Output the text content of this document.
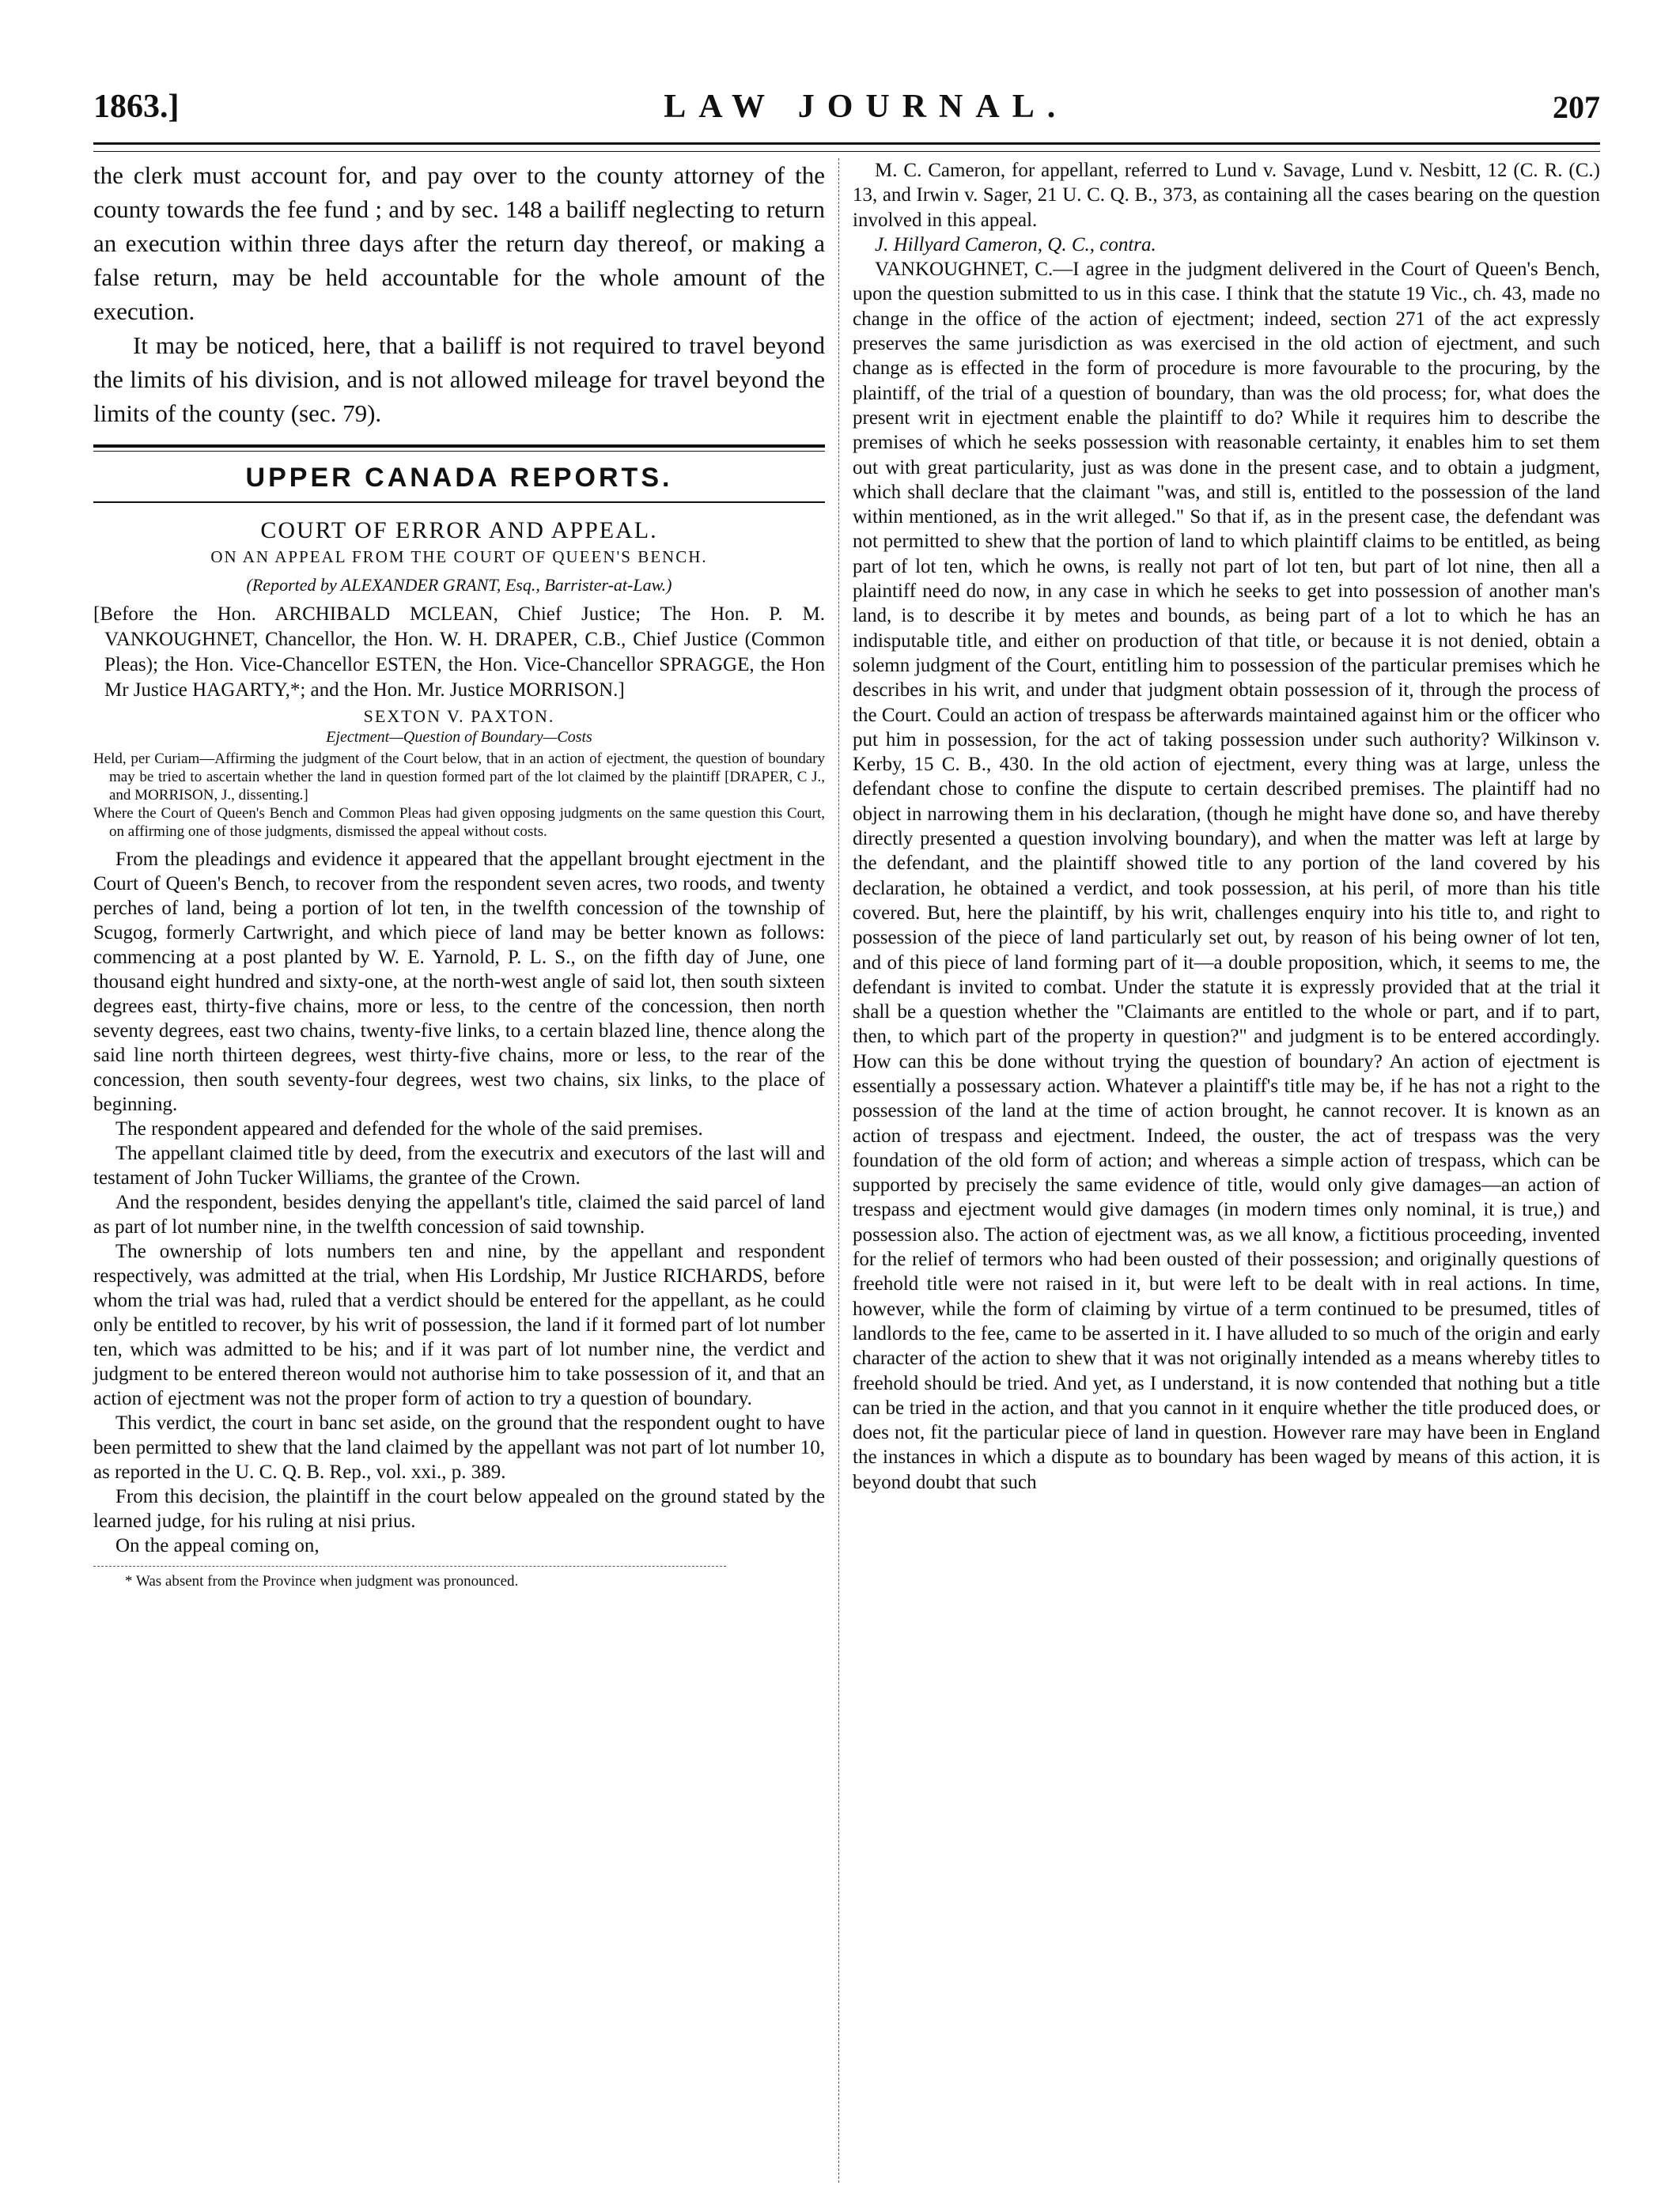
1863.]	LAW JOURNAL.	207

the clerk must account for, and pay over to the county attorney of the county towards the fee fund ; and by sec. 148 a bailiff neglecting to return an execution within three days after the return day thereof, or making a false return, may be held accountable for the whole amount of the execution.

It may be noticed, here, that a bailiff is not required to travel beyond the limits of his division, and is not allowed mileage for travel beyond the limits of the county (sec. 79).

UPPER CANADA REPORTS.

COURT OF ERROR AND APPEAL.

ON AN APPEAL FROM THE COURT OF QUEEN'S BENCH.

(Reported by ALEXANDER GRANT, Esq., Barrister-at-Law.)

[Before the Hon. ARCHIBALD MCLEAN, Chief Justice; The Hon. P. M. VANKOUGHNET, Chancellor, the Hon. W. H. DRAPER, C.B., Chief Justice (Common Pleas); the Hon. Vice-Chancellor ESTEN, the Hon. Vice-Chancellor SPRAGGE, the Hon Mr Justice HAGARTY,*; and the Hon. Mr. Justice MORRISON.]

SEXTON V. PAXTON.

Ejectment—Question of Boundary—Costs

Held, per Curiam—Affirming the judgment of the Court below, that in an action of ejectment, the question of boundary may be tried to ascertain whether the land in question formed part of the lot claimed by the plaintiff [DRAPER, C J., and MORRISON, J., dissenting.]

Where the Court of Queen's Bench and Common Pleas had given opposing judgments on the same question this Court, on affirming one of those judgments, dismissed the appeal without costs.

From the pleadings and evidence it appeared that the appellant brought ejectment in the Court of Queen's Bench, to recover from the respondent seven acres, two roods, and twenty perches of land, being a portion of lot ten, in the twelfth concession of the township of Scugog, formerly Cartwright, and which piece of land may be better known as follows: commencing at a post planted by W. E. Yarnold, P. L. S., on the fifth day of June, one thousand eight hundred and sixty-one, at the north-west angle of said lot, then south sixteen degrees east, thirty-five chains, more or less, to the centre of the concession, then north seventy degrees, east two chains, twenty-five links, to a certain blazed line, thence along the said line north thirteen degrees, west thirty-five chains, more or less, to the rear of the concession, then south seventy-four degrees, west two chains, six links, to the place of beginning.

The respondent appeared and defended for the whole of the said premises.

The appellant claimed title by deed, from the executrix and executors of the last will and testament of John Tucker Williams, the grantee of the Crown.

And the respondent, besides denying the appellant's title, claimed the said parcel of land as part of lot number nine, in the twelfth concession of said township.

The ownership of lots numbers ten and nine, by the appellant and respondent respectively, was admitted at the trial, when His Lordship, Mr Justice RICHARDS, before whom the trial was had, ruled that a verdict should be entered for the appellant, as he could only be entitled to recover, by his writ of possession, the land if it formed part of lot number ten, which was admitted to be his; and if it was part of lot number nine, the verdict and judgment to be entered thereon would not authorise him to take possession of it, and that an action of ejectment was not the proper form of action to try a question of boundary.

This verdict, the court in banc set aside, on the ground that the respondent ought to have been permitted to shew that the land claimed by the appellant was not part of lot number 10, as reported in the U. C. Q. B. Rep., vol. xxi., p. 389.

From this decision, the plaintiff in the court below appealed on the ground stated by the learned judge, for his ruling at nisi prius.

On the appeal coming on,

* Was absent from the Province when judgment was pronounced.

M. C. Cameron, for appellant, referred to Lund v. Savage, Lund v. Nesbitt, 12 (C. R. (C.) 13, and Irwin v. Sager, 21 U. C. Q. B., 373, as containing all the cases bearing on the question involved in this appeal.

J. Hillyard Cameron, Q. C., contra.

VANKOUGHNET, C.—I agree in the judgment delivered in the Court of Queen's Bench, upon the question submitted to us in this case. I think that the statute 19 Vic., ch. 43, made no change in the office of the action of ejectment; indeed, section 271 of the act expressly preserves the same jurisdiction as was exercised in the old action of ejectment, and such change as is effected in the form of procedure is more favourable to the procuring, by the plaintiff, of the trial of a question of boundary, than was the old process; for, what does the present writ in ejectment enable the plaintiff to do? While it requires him to describe the premises of which he seeks possession with reasonable certainty, it enables him to set them out with great particularity, just as was done in the present case, and to obtain a judgment, which shall declare that the claimant "was, and still is, entitled to the possession of the land within mentioned, as in the writ alleged." So that if, as in the present case, the defendant was not permitted to shew that the portion of land to which plaintiff claims to be entitled, as being part of lot ten, which he owns, is really not part of lot ten, but part of lot nine, then all a plaintiff need do now, in any case in which he seeks to get into possession of another man's land, is to describe it by metes and bounds, as being part of a lot to which he has an indisputable title, and either on production of that title, or because it is not denied, obtain a solemn judgment of the Court, entitling him to possession of the particular premises which he describes in his writ, and under that judgment obtain possession of it, through the process of the Court. Could an action of trespass be afterwards maintained against him or the officer who put him in possession, for the act of taking possession under such authority? Wilkinson v. Kerby, 15 C. B., 430. In the old action of ejectment, every thing was at large, unless the defendant chose to confine the dispute to certain described premises. The plaintiff had no object in narrowing them in his declaration, (though he might have done so, and have thereby directly presented a question involving boundary), and when the matter was left at large by the defendant, and the plaintiff showed title to any portion of the land covered by his declaration, he obtained a verdict, and took possession, at his peril, of more than his title covered. But, here the plaintiff, by his writ, challenges enquiry into his title to, and right to possession of the piece of land particularly set out, by reason of his being owner of lot ten, and of this piece of land forming part of it—a double proposition, which, it seems to me, the defendant is invited to combat. Under the statute it is expressly provided that at the trial it shall be a question whether the "Claimants are entitled to the whole or part, and if to part, then, to which part of the property in question?" and judgment is to be entered accordingly. How can this be done without trying the question of boundary? An action of ejectment is essentially a possessary action. Whatever a plaintiff's title may be, if he has not a right to the possession of the land at the time of action brought, he cannot recover. It is known as an action of trespass and ejectment. Indeed, the ouster, the act of trespass was the very foundation of the old form of action; and whereas a simple action of trespass, which can be supported by precisely the same evidence of title, would only give damages—an action of trespass and ejectment would give damages (in modern times only nominal, it is true,) and possession also. The action of ejectment was, as we all know, a fictitious proceeding, invented for the relief of termors who had been ousted of their possession; and originally questions of freehold title were not raised in it, but were left to be dealt with in real actions. In time, however, while the form of claiming by virtue of a term continued to be presumed, titles of landlords to the fee, came to be asserted in it. I have alluded to so much of the origin and early character of the action to shew that it was not originally intended as a means whereby titles to freehold should be tried. And yet, as I understand, it is now contended that nothing but a title can be tried in the action, and that you cannot in it enquire whether the title produced does, or does not, fit the particular piece of land in question. However rare may have been in England the instances in which a dispute as to boundary has been waged by means of this action, it is beyond doubt that such
